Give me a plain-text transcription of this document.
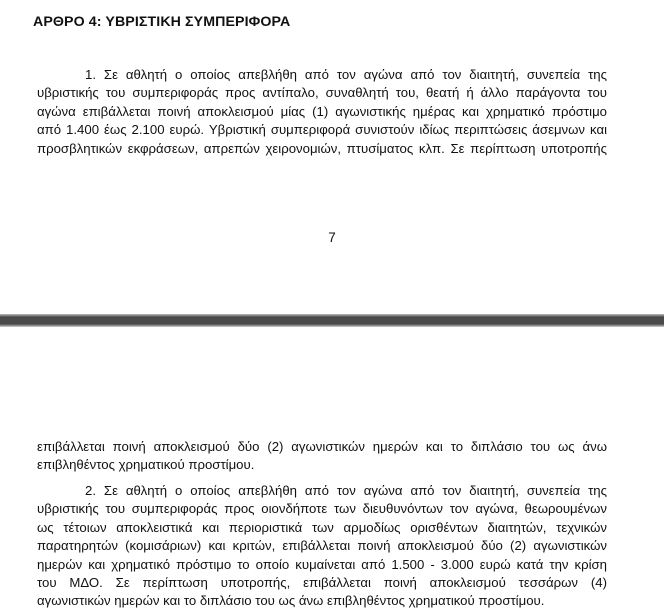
ΑΡΘΡΟ 4: ΥΒΡΙΣΤΙΚΗ ΣΥΜΠΕΡΙΦΟΡΑ
1. Σε αθλητή ο οποίος απεβλήθη από τον αγώνα από τον διαιτητή, συνεπεία της
υβριστικής του συμπεριφοράς προς αντίπαλο, συναθλητή του, θεατή ή άλλο παράγοντα του
αγώνα επιβάλλεται ποινή αποκλεισμού μίας (1) αγωνιστικής ημέρας και χρηματικό πρόστιμο
από 1.400 έως 2.100 ευρώ. Υβριστική συμπεριφορά συνιστούν ιδίως περιπτώσεις άσεμνων και
προσβλητικών εκφράσεων, απρεπών χειρονομιών, πτυσίματος κλπ. Σε περίπτωση υποτροπής
7
επιβάλλεται ποινή αποκλεισμού δύο (2) αγωνιστικών ημερών και το διπλάσιο του ως άνω
επιβληθέντος χρηματικού προστίμου.
2. Σε αθλητή ο οποίος απεβλήθη από τον αγώνα από τον διαιτητή, συνεπεία της
υβριστικής του συμπεριφοράς προς οιονδήποτε των διευθυνόντων τον αγώνα, θεωρουμένων
ως τέτοιων αποκλειστικά και περιοριστικά των αρμοδίως ορισθέντων διαιτητών, τεχνικών
παρατηρητών (κομισάριων) και κριτών, επιβάλλεται ποινή αποκλεισμού δύο (2) αγωνιστικών
ημερών και χρηματικό πρόστιμο το οποίο κυμαίνεται από 1.500 - 3.000 ευρώ κατά την κρίση
του ΜΔΟ. Σε περίπτωση υποτροπής, επιβάλλεται ποινή αποκλεισμού τεσσάρων (4)
αγωνιστικών ημερών και το διπλάσιο του ως άνω επιβληθέντος χρηματικού προστίμου.
